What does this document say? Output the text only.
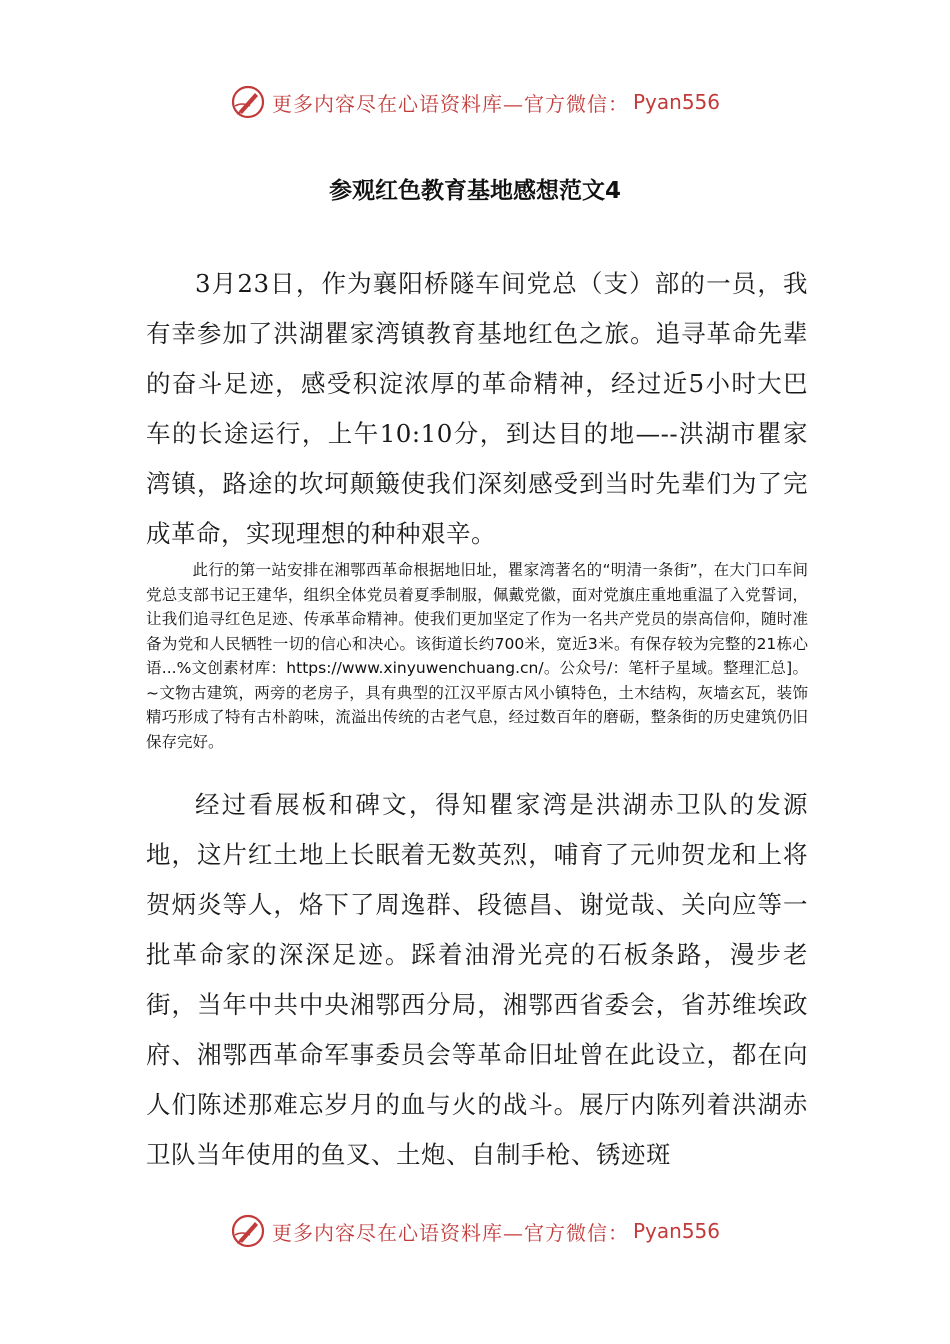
更多内容尽在心语资料库—官方微信： Pyan556
参观红色教育基地感想范文4

3月23日，作为襄阳桥隧车间党总（支）部的一员，我有幸参加了洪湖瞿家湾镇教育基地红色之旅。追寻革命先辈的奋斗足迹，感受积淀浓厚的革命精神，经过近5小时大巴车的长途运行，上午10:10分，到达目的地—--洪湖市瞿家湾镇，路途的坎坷颠簸使我们深刻感受到当时先辈们为了完成革命，实现理想的种种艰辛。

此行的第一站安排在湘鄂西革命根据地旧址，瞿家湾著名的“明清一条街”，在大门口车间党总支部书记王建华，组织全体党员着夏季制服，佩戴党徽，面对党旗庄重地重温了入党誓词，让我们追寻红色足迹、传承革命精神。使我们更加坚定了作为一名共产党员的崇高信仰，随时准备为党和人民牺牲一切的信心和决心。该街道长约700米，宽近3米。有保存较为完整的21栋心语...%文创素材库：https://www.xinyuwenchuang.cn/。公众号/：笔杆子星域。整理汇总]。~文物古建筑，两旁的老房子，具有典型的江汉平原古风小镇特色，土木结构，灰墙玄瓦，装饰精巧形成了特有古朴韵味，流溢出传统的古老气息，经过数百年的磨砺，整条街的历史建筑仍旧保存完好。

经过看展板和碑文，得知瞿家湾是洪湖赤卫队的发源地，这片红土地上长眠着无数英烈，哺育了元帅贺龙和上将贺炳炎等人，烙下了周逸群、段德昌、谢觉哉、关向应等一批革命家的深深足迹。踩着油滑光亮的石板条路，漫步老街，当年中共中央湘鄂西分局，湘鄂西省委会，省苏维埃政府、湘鄂西革命军事委员会等革命旧址曾在此设立，都在向人们陈述那难忘岁月的血与火的战斗。展厅内陈列着洪湖赤卫队当年使用的鱼叉、土炮、自制手枪、锈迹斑

更多内容尽在心语资料库—官方微信： Pyan556
